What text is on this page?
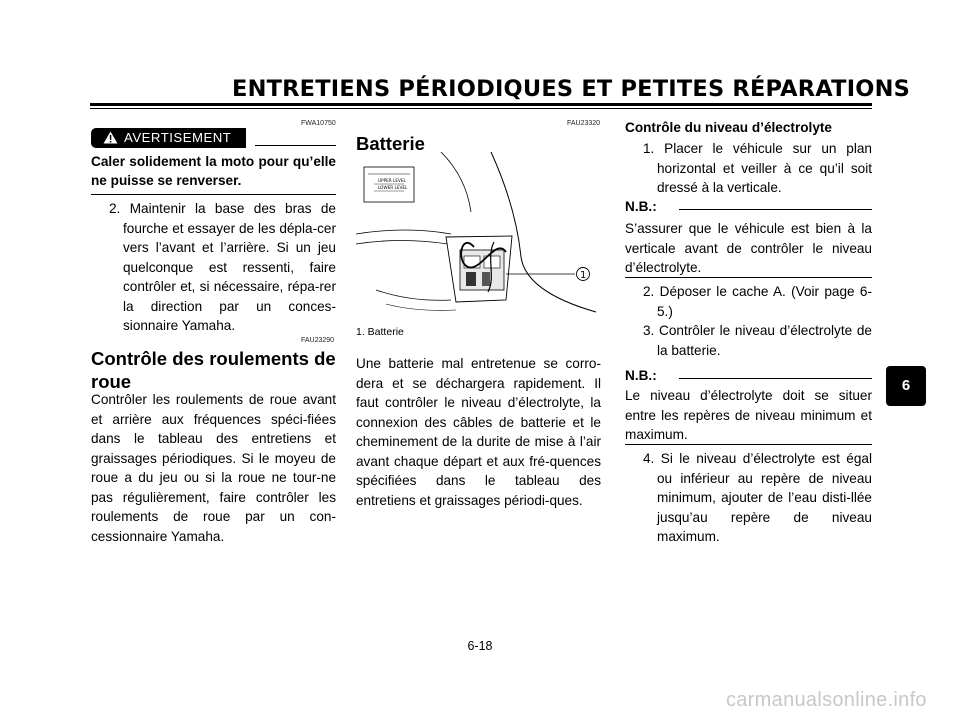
ENTRETIENS PÉRIODIQUES ET PETITES RÉPARATIONS
FWA10750
AVERTISEMENT
Caler solidement la moto pour qu’elle ne puisse se renverser.

2. Maintenir la base des bras de fourche et essayer de les dépla-cer vers l’avant et l’arrière. Si un jeu quelconque est ressenti, faire contrôler et, si nécessaire, répa-rer la direction par un conces-sionnaire Yamaha.

FAU23290
Contrôle des roulements de roue

Contrôler les roulements de roue avant et arrière aux fréquences spéci-fiées dans le tableau des entretiens et graissages périodiques. Si le moyeu de roue a du jeu ou si la roue ne tour-ne pas régulièrement, faire contrôler les roulements de roue par un con-cessionnaire Yamaha.

FAU23320
Batterie
UPPER LEVEL
LOWER LEVEL
1
1. Batterie

Une batterie mal entretenue se corro-dera et se déchargera rapidement. Il faut contrôler le niveau d’électrolyte, la connexion des câbles de batterie et le cheminement de la durite de mise à l’air avant chaque départ et aux fré-quences spécifiées dans le tableau des entretiens et graissages périodi-ques.

Contrôle du niveau d’électrolyte

1. Placer le véhicule sur un plan horizontal et veiller à ce qu’il soit dressé à la verticale.

N.B.:

S’assurer que le véhicule est bien à la verticale avant de contrôler le niveau d’électrolyte.

2. Déposer le cache A. (Voir page 6-5.)

3. Contrôler le niveau d’électrolyte de la batterie.

N.B.:

Le niveau d’électrolyte doit se situer entre les repères de niveau minimum et maximum.

4. Si le niveau d’électrolyte est égal ou inférieur au repère de niveau minimum, ajouter de l’eau disti-llée jusqu’au repère de niveau maximum.

6
6-18
carmanualsonline.info
